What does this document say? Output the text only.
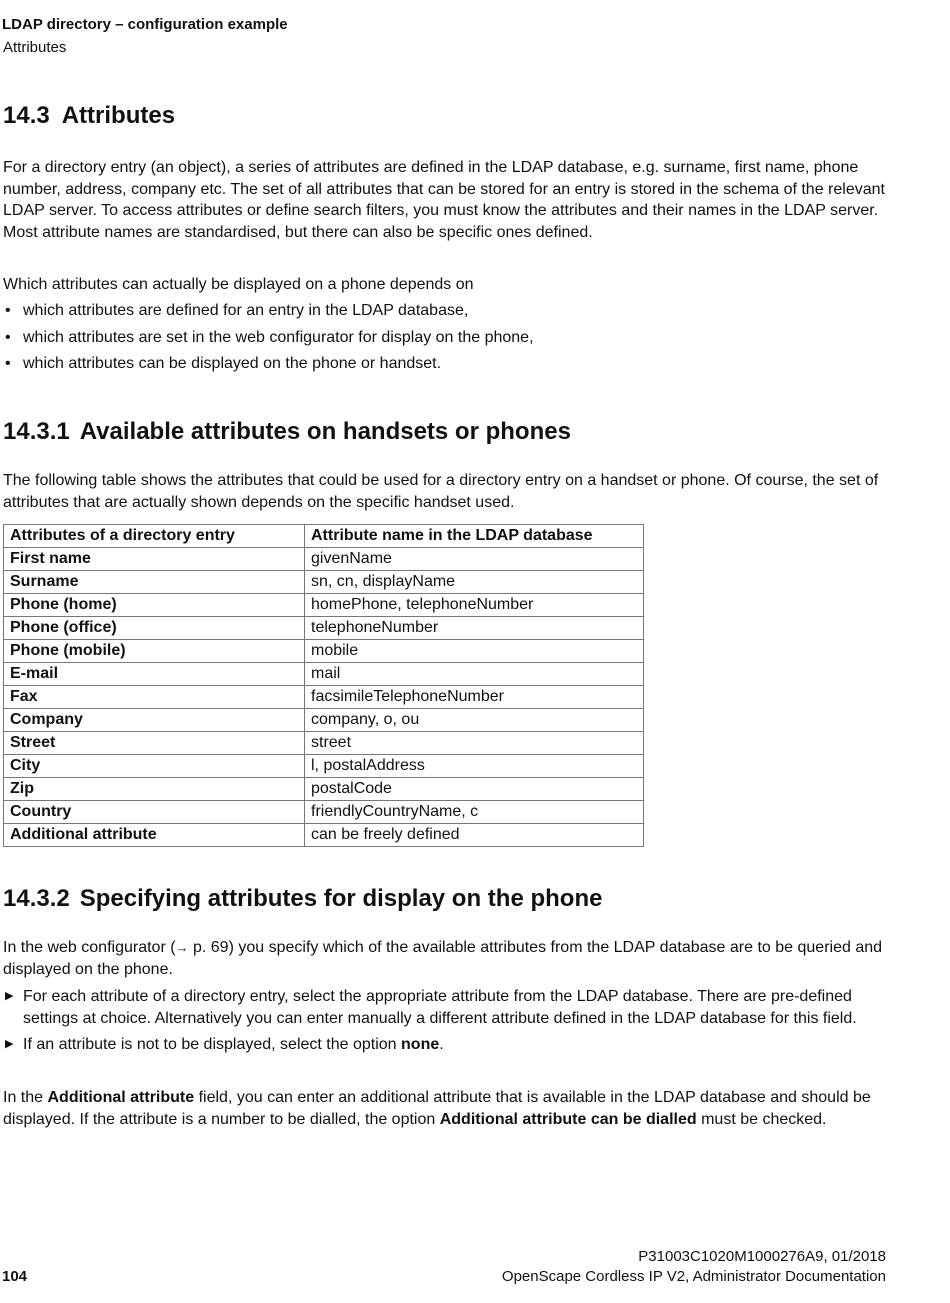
LDAP directory – configuration example
Attributes
14.3 Attributes

For a directory entry (an object), a series of attributes are defined in the LDAP database, e.g. surname, first name, phone number, address, company etc. The set of all attributes that can be stored for an entry is stored in the schema of the relevant LDAP server. To access attributes or define search filters, you must know the attributes and their names in the LDAP server. Most attribute names are standardised, but there can also be specific ones defined.

Which attributes can actually be displayed on a phone depends on

• which attributes are defined for an entry in the LDAP database,
• which attributes are set in the web configurator for display on the phone,
• which attributes can be displayed on the phone or handset.
14.3.1 Available attributes on handsets or phones

The following table shows the attributes that could be used for a directory entry on a handset or phone. Of course, the set of attributes that are actually shown depends on the specific handset used.

Attributes of a directory entry	Attribute name in the LDAP database
First name	givenName
Surname	sn, cn, displayName
Phone (home)	homePhone, telephoneNumber
Phone (office)	telephoneNumber
Phone (mobile)	mobile
E-mail	mail
Fax	facsimileTelephoneNumber
Company	company, o, ou
Street	street
City	l, postalAddress
Zip	postalCode
Country	friendlyCountryName, c
Additional attribute	can be freely defined
14.3.2 Specifying attributes for display on the phone

In the web configurator (→ p. 69) you specify which of the available attributes from the LDAP database are to be queried and displayed on the phone.

▶ For each attribute of a directory entry, select the appropriate attribute from the LDAP database. There are pre-defined settings at choice. Alternatively you can enter manually a different attribute defined in the LDAP database for this field.
▶ If an attribute is not to be displayed, select the option none.

In the Additional attribute field, you can enter an additional attribute that is available in the LDAP database and should be displayed. If the attribute is a number to be dialled, the option Additional attribute can be dialled must be checked.

P31003C1020M1000276A9, 01/2018
OpenScape Cordless IP V2, Administrator Documentation
104
